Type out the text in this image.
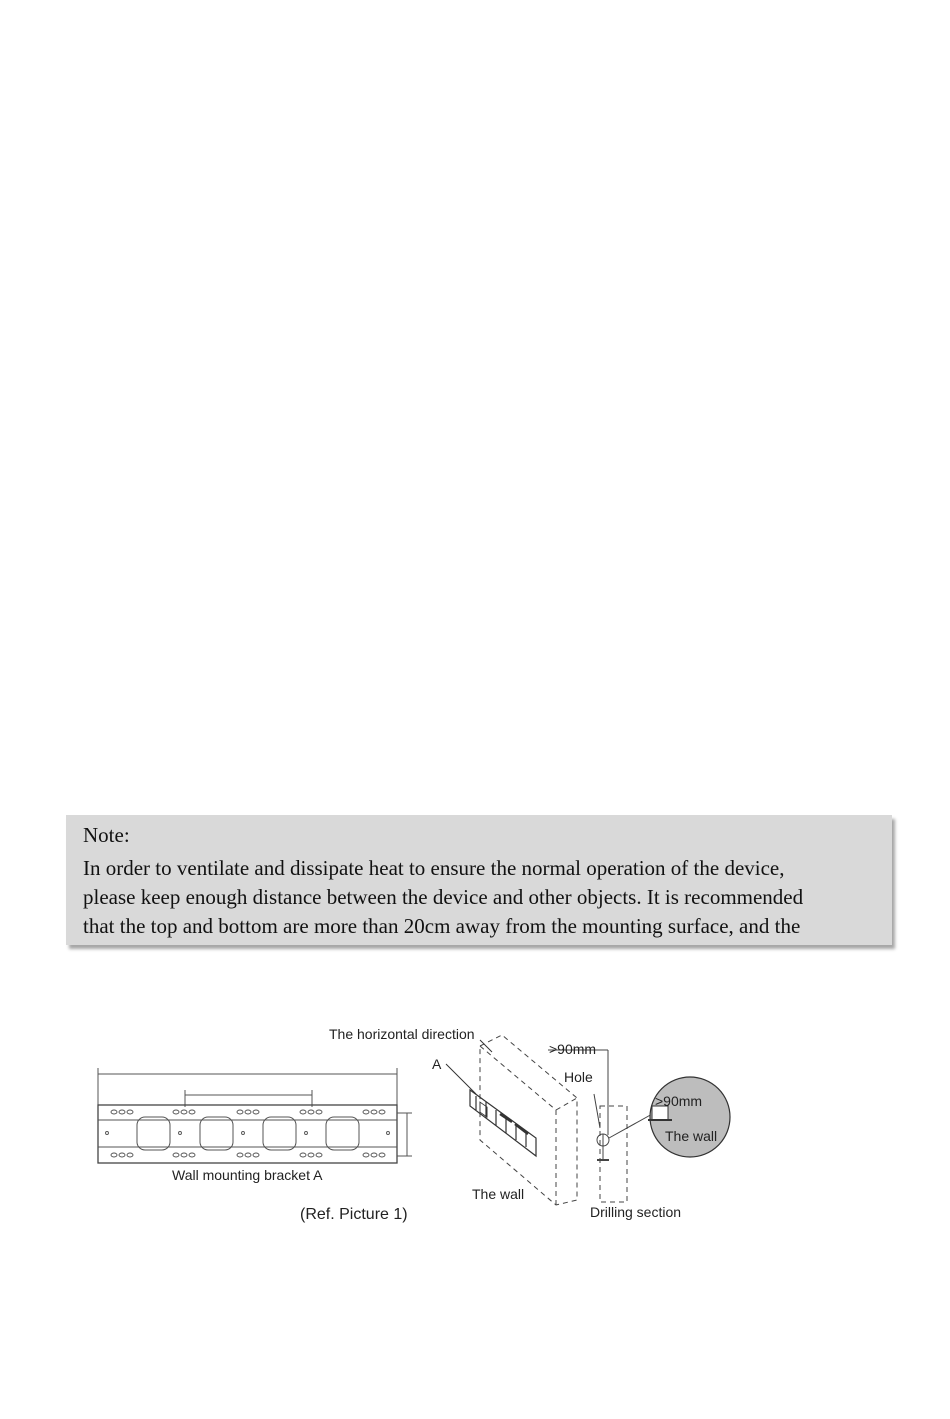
Note:
In order to ventilate and dissipate heat to ensure the normal operation of the device,
please keep enough distance between the device and other objects. It is recommended
that the top and bottom are more than 20cm away from the mounting surface, and the
The horizontal direction
A
>90mm
Hole
>90mm
The wall
Wall mounting bracket A
The wall
Drilling section
(Ref. Picture 1)
